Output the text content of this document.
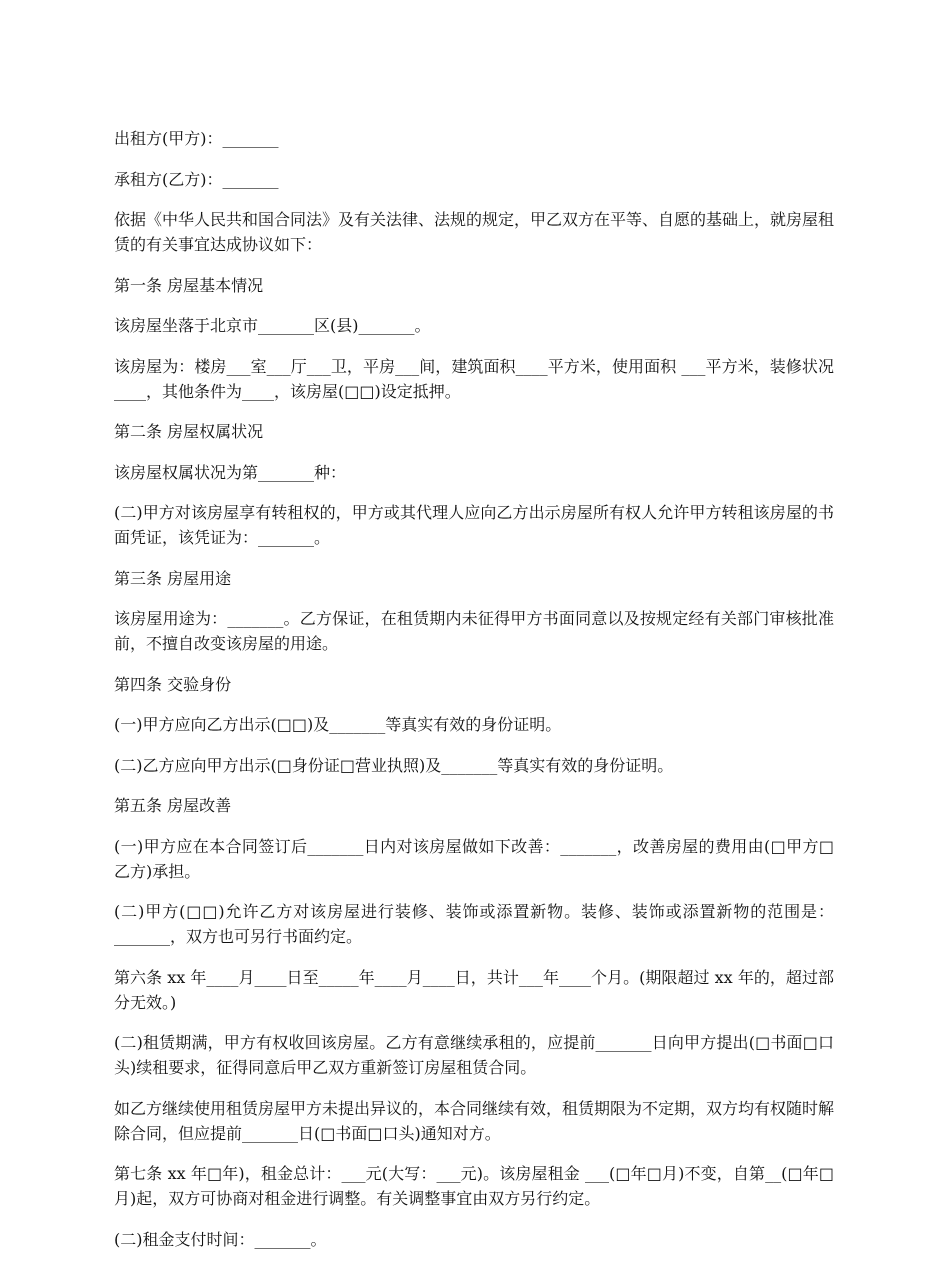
出租方(甲方)：_______

承租方(乙方)：_______

依据《中华人民共和国合同法》及有关法律、法规的规定，甲乙双方在平等、自愿的基础上，就房屋租赁的有关事宜达成协议如下：

第一条 房屋基本情况

该房屋坐落于北京市_______区(县)_______。

该房屋为：楼房___室___厅___卫，平房___间，建筑面积____平方米，使用面积 ___平方米，装修状况____，其他条件为____，该房屋(□□)设定抵押。

第二条 房屋权属状况

该房屋权属状况为第_______种：

(二)甲方对该房屋享有转租权的，甲方或其代理人应向乙方出示房屋所有权人允许甲方转租该房屋的书面凭证，该凭证为：_______。

第三条 房屋用途

该房屋用途为：_______。乙方保证，在租赁期内未征得甲方书面同意以及按规定经有关部门审核批准前，不擅自改变该房屋的用途。

第四条 交验身份

(一)甲方应向乙方出示(□□)及_______等真实有效的身份证明。

(二)乙方应向甲方出示(□身份证□营业执照)及_______等真实有效的身份证明。

第五条 房屋改善

(一)甲方应在本合同签订后_______日内对该房屋做如下改善：_______，改善房屋的费用由(□甲方□乙方)承担。

(二)甲方(□□)允许乙方对该房屋进行装修、装饰或添置新物。装修、装饰或添置新物的范围是：_______，双方也可另行书面约定。

第六条 xx 年____月____日至_____年____月____日，共计___年____个月。(期限超过 xx 年的，超过部分无效。)

(二)租赁期满，甲方有权收回该房屋。乙方有意继续承租的，应提前_______日向甲方提出(□书面□口头)续租要求，征得同意后甲乙双方重新签订房屋租赁合同。

如乙方继续使用租赁房屋甲方未提出异议的，本合同继续有效，租赁期限为不定期，双方均有权随时解除合同，但应提前_______日(□书面□口头)通知对方。

第七条 xx 年□年)，租金总计：___元(大写：___元)。该房屋租金 ___(□年□月)不变，自第__(□年□月)起，双方可协商对租金进行调整。有关调整事宜由双方另行约定。

(二)租金支付时间：_______。
